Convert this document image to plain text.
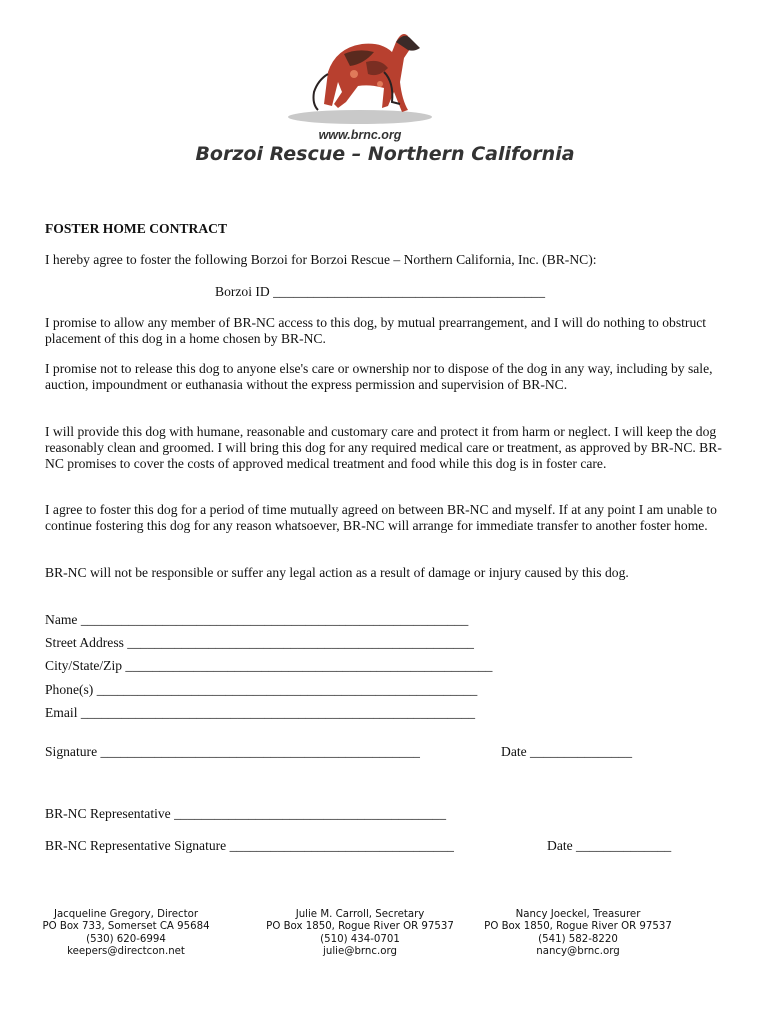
www.brnc.org
Borzoi Rescue – Northern California
FOSTER HOME CONTRACT

I hereby agree to foster the following Borzoi for Borzoi Rescue – Northern California, Inc. (BR-NC):

Borzoi ID ________________________________________

I promise to allow any member of BR-NC access to this dog, by mutual prearrangement, and I will do nothing to obstruct placement of this dog in a home chosen by BR-NC.

I promise not to release this dog to anyone else's care or ownership nor to dispose of the dog in any way, including by sale, auction, impoundment or euthanasia without the express permission and supervision of BR-NC.

I will provide this dog with humane, reasonable and customary care and protect it from harm or neglect. I will keep the dog reasonably clean and groomed. I will bring this dog for any required medical care or treatment, as approved by BR-NC. BR-NC promises to cover the costs of approved medical treatment and food while this dog is in foster care.

I agree to foster this dog for a period of time mutually agreed on between BR-NC and myself. If at any point I am unable to continue fostering this dog for any reason whatsoever, BR-NC will arrange for immediate transfer to another foster home.

BR-NC will not be responsible or suffer any legal action as a result of damage or injury caused by this dog.

Name _________________________________________________________
Street Address ___________________________________________________
City/State/Zip ______________________________________________________
Phone(s) ________________________________________________________
Email __________________________________________________________
Signature _______________________________________________	Date _______________
BR-NC Representative ________________________________________
BR-NC Representative Signature _________________________________	Date ______________
Jacqueline Gregory, Director
PO Box 733, Somerset CA 95684
(530) 620-6994
keepers@directcon.net
Julie M. Carroll, Secretary
PO Box 1850, Rogue River OR 97537
(510) 434-0701
julie@brnc.org
Nancy Joeckel, Treasurer
PO Box 1850, Rogue River OR 97537
(541) 582-8220
nancy@brnc.org
